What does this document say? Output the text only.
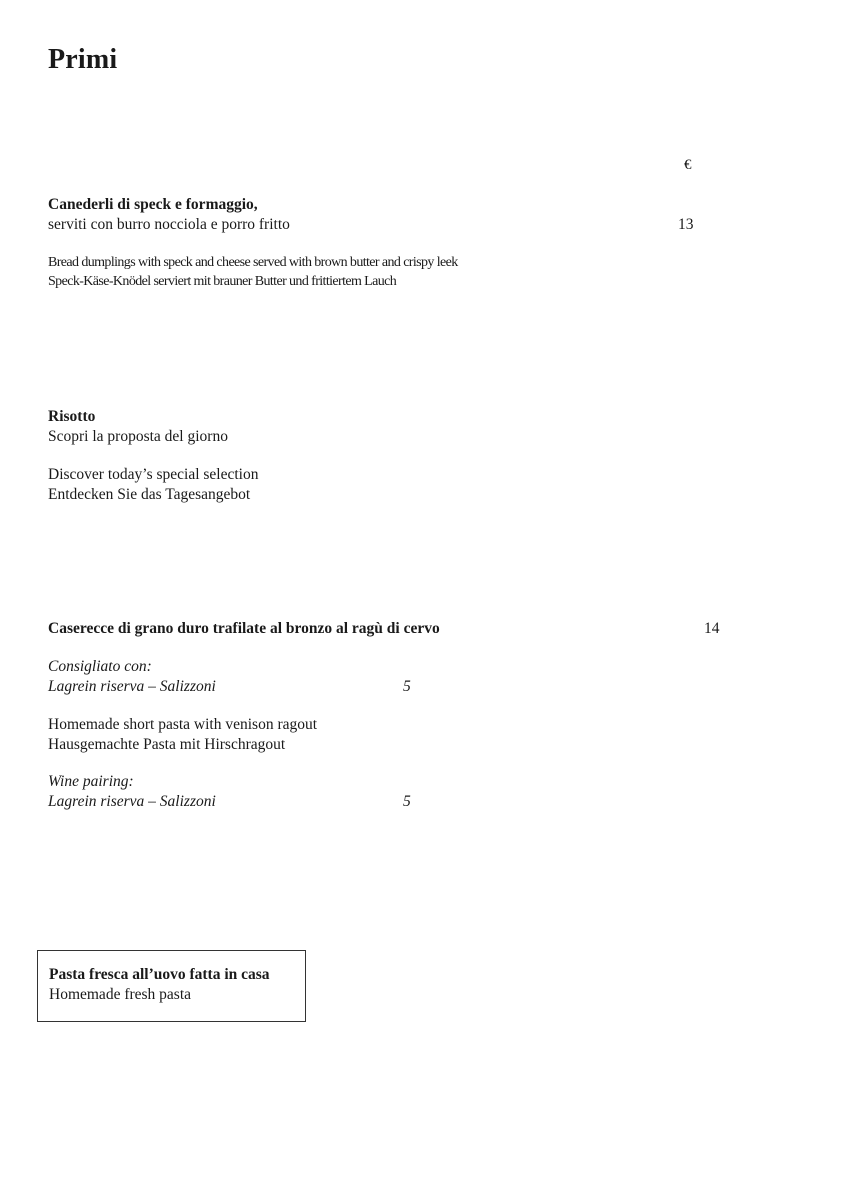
Primi
€
Canederli di speck e formaggio,
serviti con burro nocciola e porro fritto	13
Bread dumplings with speck and cheese served with brown butter and crispy leek
Speck-Käse-Knödel serviert mit brauner Butter und frittiertem Lauch
Risotto
Scopri la proposta del giorno
Discover today’s special selection
Entdecken Sie das Tagesangebot
Caserecce di grano duro trafilate al bronzo al ragù di cervo	14
Consigliato con:
Lagrein riserva – Salizzoni	5
Homemade short pasta with venison ragout
Hausgemachte Pasta mit Hirschragout
Wine pairing:
Lagrein riserva – Salizzoni	5
Pasta fresca all’uovo fatta in casa
Homemade fresh pasta
